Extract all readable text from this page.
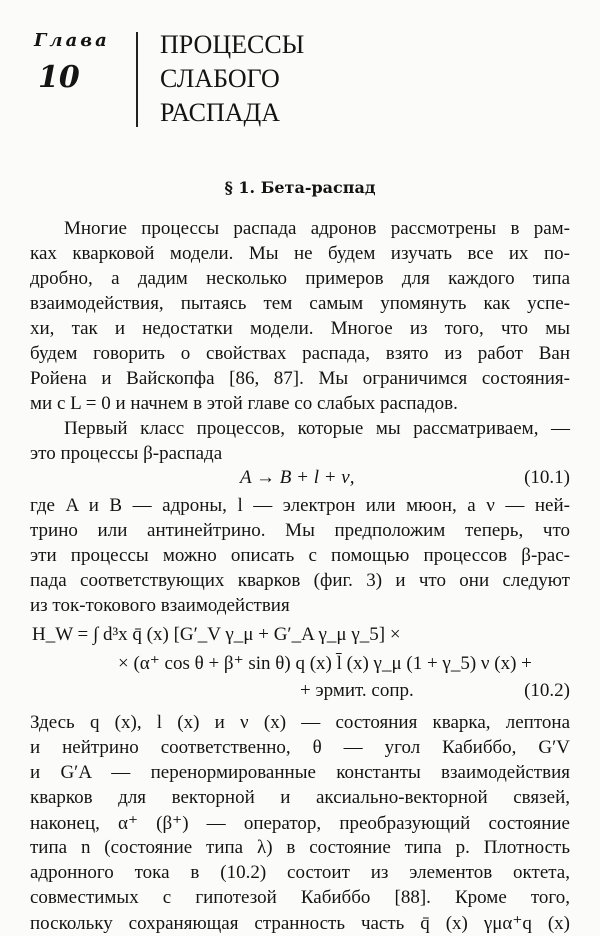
Глава
10
ПРОЦЕССЫ
СЛАБОГО
РАСПАДА
§ 1. Бета-распад
Многие процессы распада адронов рассмотрены в рам-
ках кварковой модели. Мы не будем изучать все их по-
дробно, а дадим несколько примеров для каждого типа
взаимодействия, пытаясь тем самым упомянуть как успе-
хи, так и недостатки модели. Многое из того, что мы
будем говорить о свойствах распада, взято из работ Ван
Ройена и Вайскопфа [86, 87]. Мы ограничимся состояния-
ми с L = 0 и начнем в этой главе со слабых распадов.
Первый класс процессов, которые мы рассматриваем, —
это процессы β-распада
A → B + l + ν,	(10.1)
где A и B — адроны, l — электрон или мюон, а ν — ней-
трино или антинейтрино. Мы предположим теперь, что
эти процессы можно описать с помощью процессов β-рас-
пада соответствующих кварков (фиг. 3) и что они следуют
из ток-токового взаимодействия
H_W = ∫ d³x q̄ (x) [G′_V γ_μ + G′_A γ_μ γ_5] ×
× (α⁺ cos θ + β⁺ sin θ) q (x) l̄ (x) γ_μ (1 + γ_5) ν (x) +
+ эрмит. сопр.	(10.2)
Здесь q (x), l (x) и ν (x) — состояния кварка, лептона
и нейтрино соответственно, θ — угол Кабиббо, G′V
и G′A — перенормированные константы взаимодействия
кварков для векторной и аксиально-векторной связей,
наконец, α⁺ (β⁺) — оператор, преобразующий состояние
типа n (состояние типа λ) в состояние типа p. Плотность
адронного тока в (10.2) состоит из элементов октета,
совместимых с гипотезой Кабиббо [88]. Кроме того,
поскольку сохраняющая странность часть q̄ (x) γμα⁺q (x)
